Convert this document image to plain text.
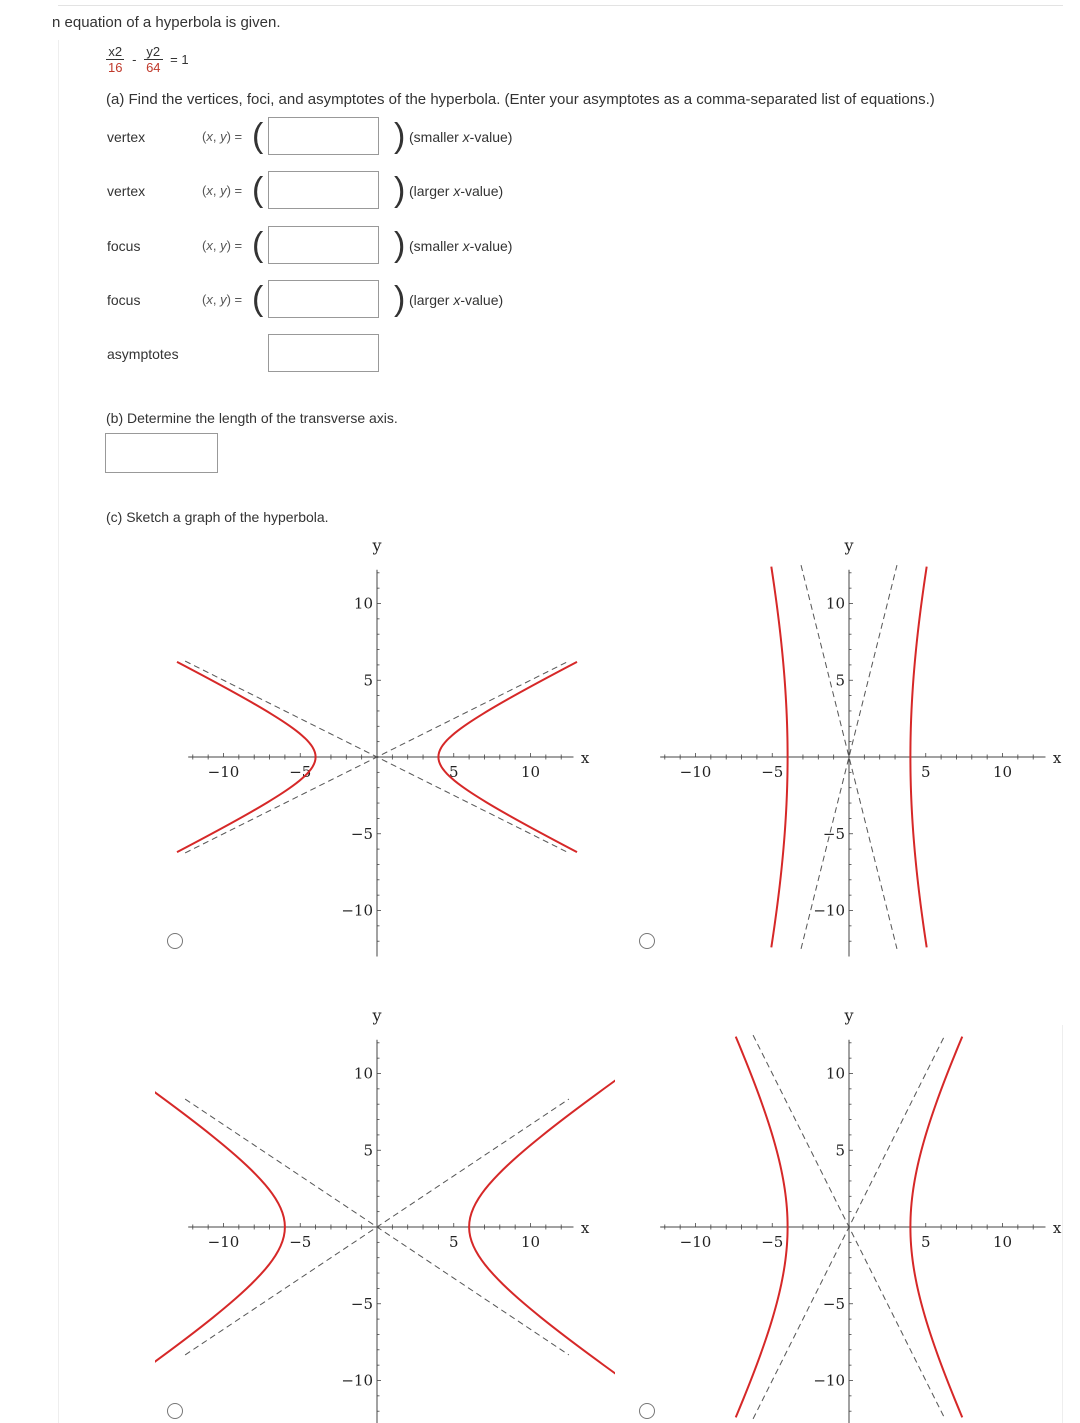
n equation of a hyperbola is given.
$\frac{x2}{16} - \frac{y2}{64} = 1$
(a) Find the vertices, foci, and asymptotes of the hyperbola. (Enter your asymptotes as a comma-separated list of equations.)
vertex	(x, y) = (	) (smaller x-value)
vertex	(x, y) = (	) (larger x-value)
focus	(x, y) = (	) (smaller x-value)
focus	(x, y) = (	) (larger x-value)
asymptotes
(b) Determine the length of the transverse axis.
(c) Sketch a graph of the hyperbola.
−10	−5	5	10
10
5
−5
−10
x
y
−10	−5	5	10
10
5
−5
−10
x
y
−10	−5	5	10
10
5
−5
−10
x
y
−10	−5	5	10
10
5
−5
−10
x
y
